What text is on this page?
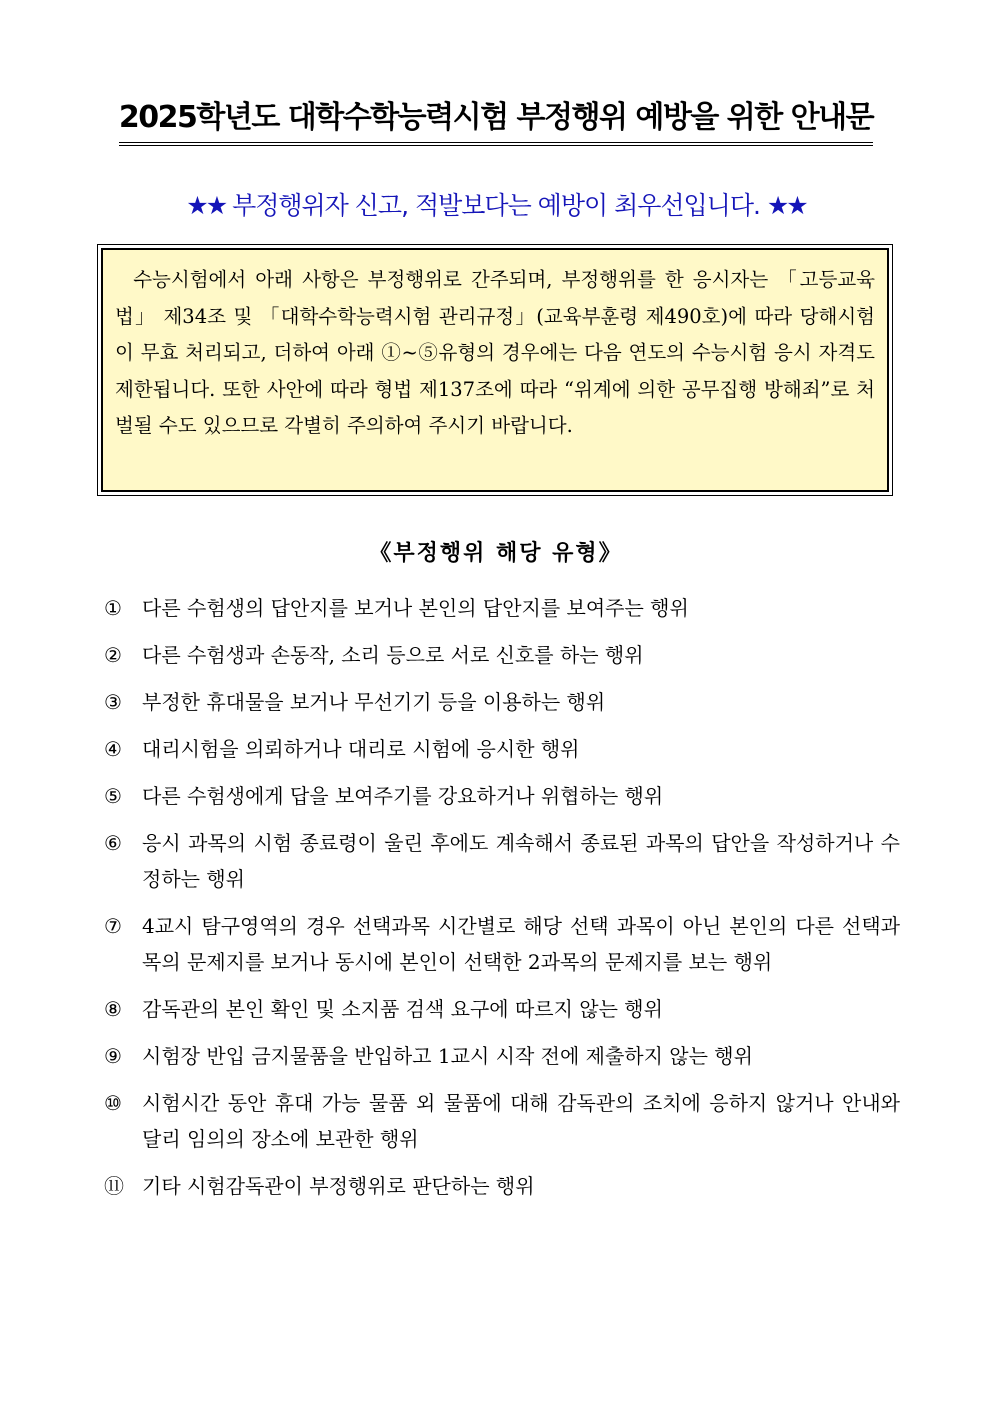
2025학년도 대학수학능력시험 부정행위 예방을 위한 안내문
★★ 부정행위자 신고, 적발보다는 예방이 최우선입니다. ★★

수능시험에서 아래 사항은 부정행위로 간주되며, 부정행위를 한 응시자는 「고등교육법」 제34조 및 「대학수학능력시험 관리규정」(교육부훈령 제490호)에 따라 당해시험이 무효 처리되고, 더하여 아래 ①~⑤유형의 경우에는 다음 연도의 수능시험 응시 자격도 제한됩니다. 또한 사안에 따라 형법 제137조에 따라 “위계에 의한 공무집행 방해죄”로 처벌될 수도 있으므로 각별히 주의하여 주시기 바랍니다.

《부정행위 해당 유형》
①	다른 수험생의 답안지를 보거나 본인의 답안지를 보여주는 행위
②	다른 수험생과 손동작, 소리 등으로 서로 신호를 하는 행위
③	부정한 휴대물을 보거나 무선기기 등을 이용하는 행위
④	대리시험을 의뢰하거나 대리로 시험에 응시한 행위
⑤	다른 수험생에게 답을 보여주기를 강요하거나 위협하는 행위
⑥	응시 과목의 시험 종료령이 울린 후에도 계속해서 종료된 과목의 답안을 작성하거나 수정하는 행위
⑦	4교시 탐구영역의 경우 선택과목 시간별로 해당 선택 과목이 아닌 본인의 다른 선택과목의 문제지를 보거나 동시에 본인이 선택한 2과목의 문제지를 보는 행위
⑧	감독관의 본인 확인 및 소지품 검색 요구에 따르지 않는 행위
⑨	시험장 반입 금지물품을 반입하고 1교시 시작 전에 제출하지 않는 행위
⑩	시험시간 동안 휴대 가능 물품 외 물품에 대해 감독관의 조치에 응하지 않거나 안내와 달리 임의의 장소에 보관한 행위
⑪ 기타 시험감독관이 부정행위로 판단하는 행위
